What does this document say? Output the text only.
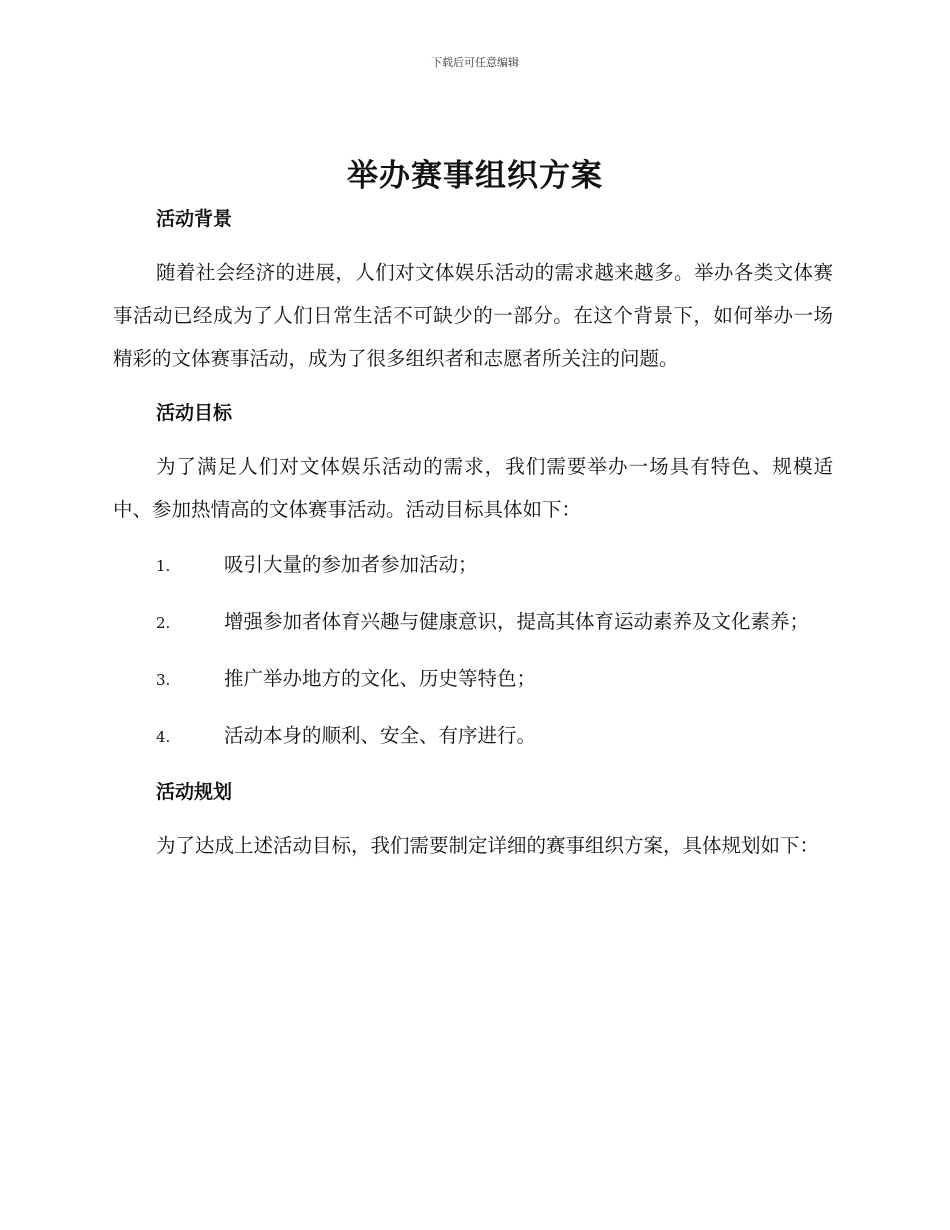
下载后可任意编辑
举办赛事组织方案
活动背景

随着社会经济的进展，人们对文体娱乐活动的需求越来越多。举办各类文体赛事活动已经成为了人们日常生活不可缺少的一部分。在这个背景下，如何举办一场精彩的文体赛事活动，成为了很多组织者和志愿者所关注的问题。

活动目标

为了满足人们对文体娱乐活动的需求，我们需要举办一场具有特色、规模适中、参加热情高的文体赛事活动。活动目标具体如下：

1.	吸引大量的参加者参加活动；
2.	增强参加者体育兴趣与健康意识，提高其体育运动素养及文化素养；
3.	推广举办地方的文化、历史等特色；
4.	活动本身的顺利、安全、有序进行。
活动规划

为了达成上述活动目标，我们需要制定详细的赛事组织方案，具体规划如下：
